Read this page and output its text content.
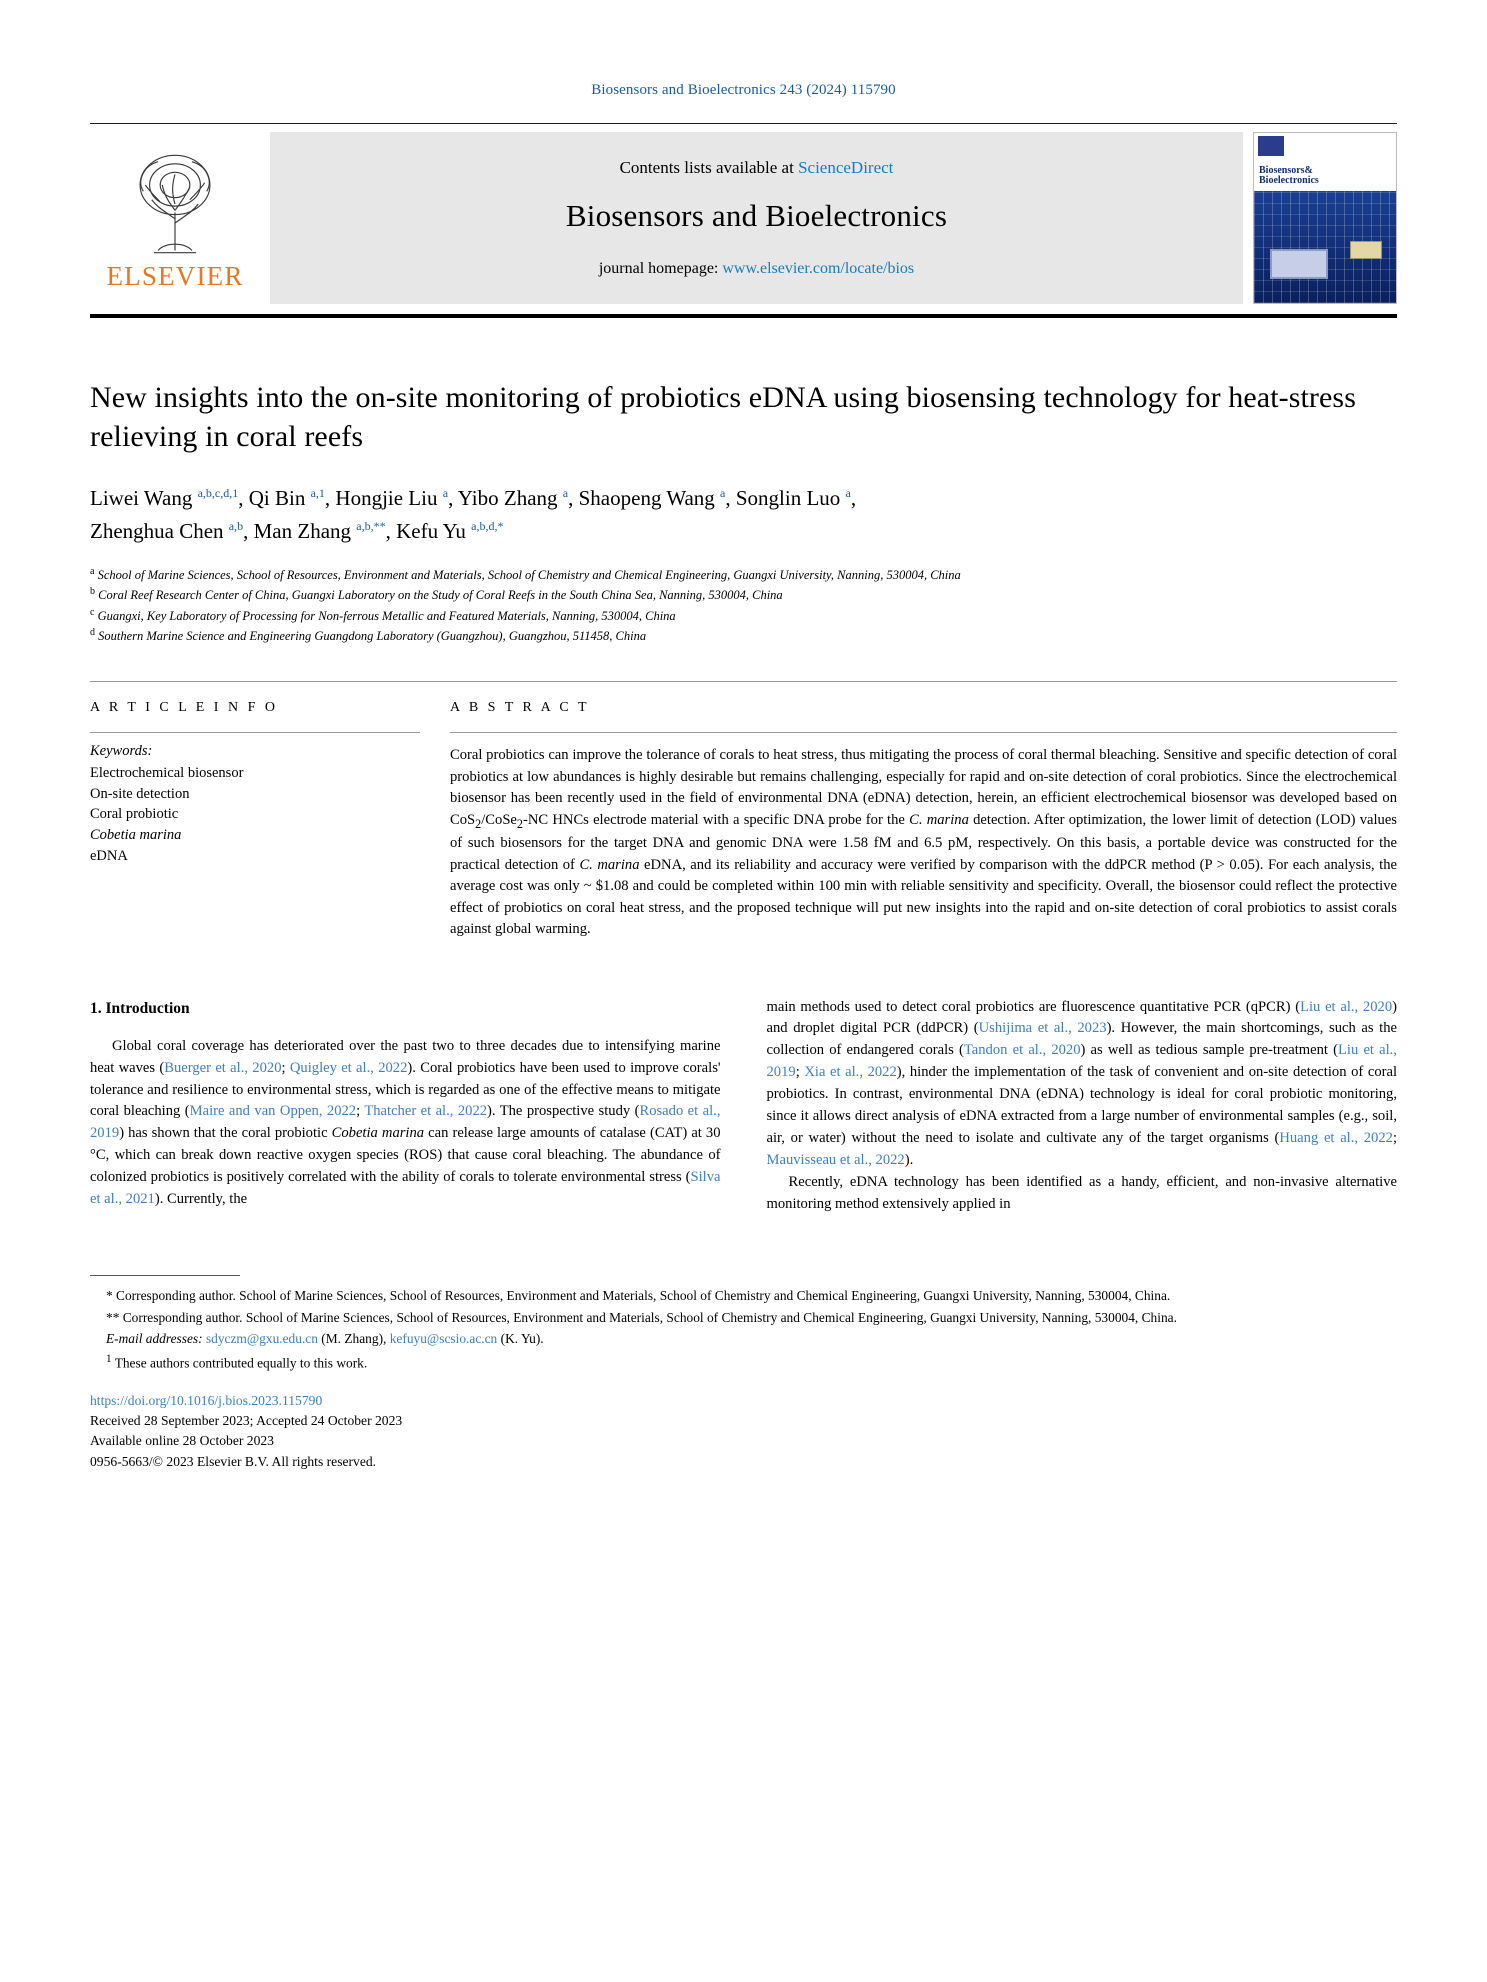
Biosensors and Bioelectronics 243 (2024) 115790
ELSEVIER
Contents lists available at ScienceDirect
Biosensors and Bioelectronics
journal homepage: www.elsevier.com/locate/bios
Biosensors&
Bioelectronics
New insights into the on-site monitoring of probiotics eDNA using biosensing technology for heat-stress relieving in coral reefs
Liwei Wang $^{a,b,c,d,1}$, Qi Bin $^{a,1}$, Hongjie Liu $^a$, Yibo Zhang $^a$, Shaopeng Wang $^a$, Songlin Luo $^a$,
Zhenghua Chen $^{a,b}$, Man Zhang $^{a,b,**}$, Kefu Yu $^{a,b,d,*}$
$^a$ School of Marine Sciences, School of Resources, Environment and Materials, School of Chemistry and Chemical Engineering, Guangxi University, Nanning, 530004, China
$^b$ Coral Reef Research Center of China, Guangxi Laboratory on the Study of Coral Reefs in the South China Sea, Nanning, 530004, China
$^c$ Guangxi, Key Laboratory of Processing for Non-ferrous Metallic and Featured Materials, Nanning, 530004, China
$^d$ Southern Marine Science and Engineering Guangdong Laboratory (Guangzhou), Guangzhou, 511458, China
A R T I C L E I N F O
Keywords:
Electrochemical biosensor
On-site detection
Coral probiotic
Cobetia marina
eDNA
A B S T R A C T
Coral probiotics can improve the tolerance of corals to heat stress, thus mitigating the process of coral thermal bleaching. Sensitive and specific detection of coral probiotics at low abundances is highly desirable but remains challenging, especially for rapid and on-site detection of coral probiotics. Since the electrochemical biosensor has been recently used in the field of environmental DNA (eDNA) detection, herein, an efficient electrochemical biosensor was developed based on CoS$_2$/CoSe$_2$-NC HNCs electrode material with a specific DNA probe for the C. marina detection. After optimization, the lower limit of detection (LOD) values of such biosensors for the target DNA and genomic DNA were 1.58 fM and 6.5 pM, respectively. On this basis, a portable device was constructed for the practical detection of C. marina eDNA, and its reliability and accuracy were verified by comparison with the ddPCR method (P > 0.05). For each analysis, the average cost was only ~ $1.08 and could be completed within 100 min with reliable sensitivity and specificity. Overall, the biosensor could reflect the protective effect of probiotics on coral heat stress, and the proposed technique will put new insights into the rapid and on-site detection of coral probiotics to assist corals against global warming.
1. Introduction

Global coral coverage has deteriorated over the past two to three decades due to intensifying marine heat waves (Buerger et al., 2020; Quigley et al., 2022). Coral probiotics have been used to improve corals' tolerance and resilience to environmental stress, which is regarded as one of the effective means to mitigate coral bleaching (Maire and van Oppen, 2022; Thatcher et al., 2022). The prospective study (Rosado et al., 2019) has shown that the coral probiotic Cobetia marina can release large amounts of catalase (CAT) at 30 °C, which can break down reactive oxygen species (ROS) that cause coral bleaching. The abundance of colonized probiotics is positively correlated with the ability of corals to tolerate environmental stress (Silva et al., 2021). Currently, the

main methods used to detect coral probiotics are fluorescence quantitative PCR (qPCR) (Liu et al., 2020) and droplet digital PCR (ddPCR) (Ushijima et al., 2023). However, the main shortcomings, such as the collection of endangered corals (Tandon et al., 2020) as well as tedious sample pre-treatment (Liu et al., 2019; Xia et al., 2022), hinder the implementation of the task of convenient and on-site detection of coral probiotics. In contrast, environmental DNA (eDNA) technology is ideal for coral probiotic monitoring, since it allows direct analysis of eDNA extracted from a large number of environmental samples (e.g., soil, air, or water) without the need to isolate and cultivate any of the target organisms (Huang et al., 2022; Mauvisseau et al., 2022).

Recently, eDNA technology has been identified as a handy, efficient, and non-invasive alternative monitoring method extensively applied in

* Corresponding author. School of Marine Sciences, School of Resources, Environment and Materials, School of Chemistry and Chemical Engineering, Guangxi University, Nanning, 530004, China.

** Corresponding author. School of Marine Sciences, School of Resources, Environment and Materials, School of Chemistry and Chemical Engineering, Guangxi University, Nanning, 530004, China.

E-mail addresses: sdyczm@gxu.edu.cn (M. Zhang), kefuyu@scsio.ac.cn (K. Yu).

$^1$ These authors contributed equally to this work.

https://doi.org/10.1016/j.bios.2023.115790
Received 28 September 2023; Accepted 24 October 2023
Available online 28 October 2023
0956-5663/© 2023 Elsevier B.V. All rights reserved.
